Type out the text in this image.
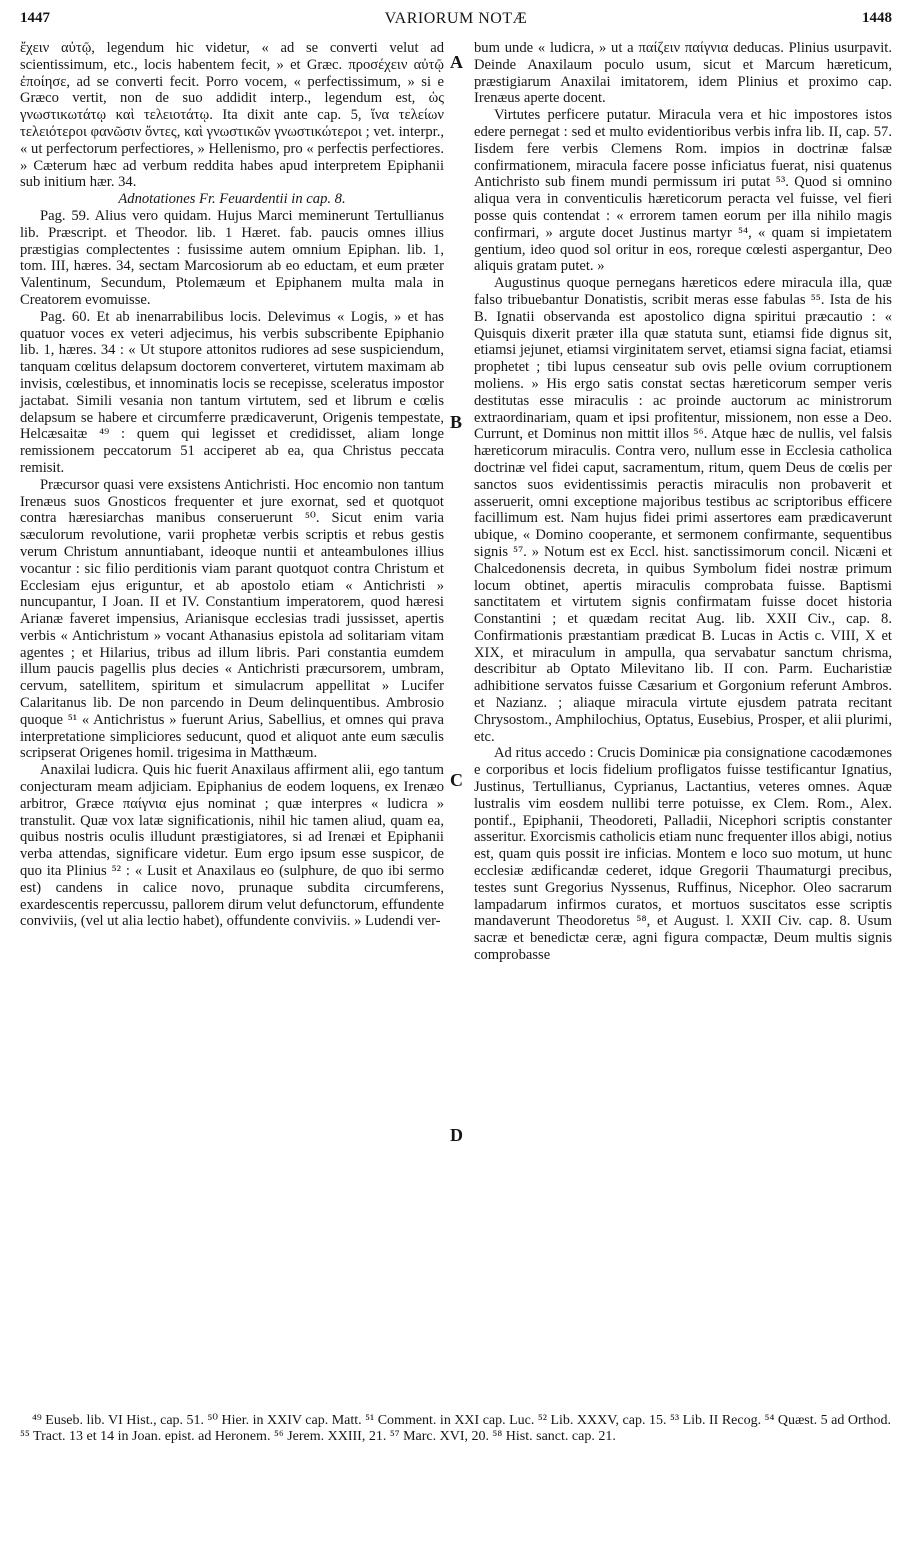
1447	VARIORUM NOTÆ	1448

ἔχειν αὐτῷ, legendum hic videtur, « ad se converti velut ad scientissimum, etc., locis habentem fecit, » et Græc. προσέχειν αὐτῷ ἐποίησε, ad se converti fecit. Porro vocem, « perfectissimum, » si e Græco vertit, non de suo addidit interp., legendum est, ὡς γνωστικωτάτῳ καὶ τελειοτάτῳ. Ita dixit ante cap. 5, ἵνα τελείων τελειότεροι φανῶσιν ὄντες, καὶ γνωστικῶν γνωστικώτεροι ; vet. interpr., « ut perfectorum perfectiores, » Hellenismo, pro « perfectis perfectiores. » Cæterum hæc ad verbum reddita habes apud interpretem Epiphanii sub initium hær. 34.

Adnotationes Fr. Feuardentii in cap. 8.

Pag. 59. Alius vero quidam. Hujus Marci meminerunt Tertullianus lib. Præscript. et Theodor. lib. 1 Hæret. fab. paucis omnes illius præstigias complectentes : fusissime autem omnium Epiphan. lib. 1, tom. III, hæres. 34, sectam Marcosiorum ab eo eductam, et eum præter Valentinum, Secundum, Ptolemæum et Epiphanem multa mala in Creatorem evomuisse.

Pag. 60. Et ab inenarrabilibus locis. Delevimus « Logis, » et has quatuor voces ex veteri adjecimus, his verbis subscribente Epiphanio lib. 1, hæres. 34 : « Ut stupore attonitos rudiores ad sese suspiciendum, tanquam cœlitus delapsum doctorem converteret, virtutem maximam ab invisis, cœlestibus, et innominatis locis se recepisse, sceleratus impostor jactabat. Simili vesania non tantum virtutem, sed et librum e cœlis delapsum se habere et circumferre prædicaverunt, Origenis tempestate, Helcæsaitæ ⁴⁹ : quem qui legisset et credidisset, aliam longe remissionem peccatorum 51 acciperet ab ea, qua Christus peccata remisit.

Præcursor quasi vere exsistens Antichristi. Hoc encomio non tantum Irenæus suos Gnosticos frequenter et jure exornat, sed et quotquot contra hæresiarchas manibus conseruerunt ⁵⁰. Sicut enim varia sæculorum revolutione, varii prophetæ verbis scriptis et rebus gestis verum Christum annuntiabant, ideoque nuntii et anteambulones illius vocantur : sic filio perditionis viam parant quotquot contra Christum et Ecclesiam ejus eriguntur, et ab apostolo etiam « Antichristi » nuncupantur, I Joan. II et IV. Constantium imperatorem, quod hæresi Arianæ faveret impensius, Arianisque ecclesias tradi jussisset, apertis verbis « Antichristum » vocant Athanasius epistola ad solitariam vitam agentes ; et Hilarius, tribus ad illum libris. Pari constantia eumdem illum paucis pagellis plus decies « Antichristi præcursorem, umbram, cervum, satellitem, spiritum et simulacrum appellitat » Lucifer Calaritanus lib. De non parcendo in Deum delinquentibus. Ambrosio quoque ⁵¹ « Antichristus » fuerunt Arius, Sabellius, et omnes qui prava interpretatione simpliciores seducunt, quod et aliquot ante eum sæculis scripserat Origenes homil. trigesima in Matthæum.

Anaxilai ludicra. Quis hic fuerit Anaxilaus affirment alii, ego tantum conjecturam meam adjiciam. Epiphanius de eodem loquens, ex Irenæo arbitror, Græce παίγνια ejus nominat ; quæ interpres « ludicra » transtulit. Quæ vox latæ significationis, nihil hic tamen aliud, quam ea, quibus nostris oculis illudunt præstigiatores, si ad Irenæi et Epiphanii verba attendas, significare videtur. Eum ergo ipsum esse suspicor, de quo ita Plinius ⁵² : « Lusit et Anaxilaus eo (sulphure, de quo ibi sermo est) candens in calice novo, prunaque subdita circumferens, exardescentis repercussu, pallorem dirum velut defunctorum, effundente conviviis, (vel ut alia lectio habet), offundente conviviis. » Ludendi ver-

A
B
C
D

bum unde « ludicra, » ut a παίζειν παίγνια deducas. Plinius usurpavit. Deinde Anaxilaum poculo usum, sicut et Marcum hæreticum, præstigiarum Anaxilai imitatorem, idem Plinius et proximo cap. Irenæus aperte docent.

Virtutes perficere putatur. Miracula vera et hic impostores istos edere pernegat : sed et multo evidentioribus verbis infra lib. II, cap. 57. Iisdem fere verbis Clemens Rom. impios in doctrinæ falsæ confirmationem, miracula facere posse inficiatus fuerat, nisi quatenus Antichristo sub finem mundi permissum iri putat ⁵³. Quod si omnino aliqua vera in conventiculis hæreticorum peracta vel fuisse, vel fieri posse quis contendat : « errorem tamen eorum per illa nihilo magis confirmari, » argute docet Justinus martyr ⁵⁴, « quam si impietatem gentium, ideo quod sol oritur in eos, roreque cœlesti aspergantur, Deo aliquis gratam putet. »

Augustinus quoque pernegans hæreticos edere miracula illa, quæ falso tribuebantur Donatistis, scribit meras esse fabulas ⁵⁵. Ista de his B. Ignatii observanda est apostolico digna spiritui præcautio : « Quisquis dixerit præter illa quæ statuta sunt, etiamsi fide dignus sit, etiamsi jejunet, etiamsi virginitatem servet, etiamsi signa faciat, etiamsi prophetet ; tibi lupus censeatur sub ovis pelle ovium corruptionem moliens. » His ergo satis constat sectas hæreticorum semper veris destitutas esse miraculis : ac proinde auctorum ac ministrorum extraordinariam, quam et ipsi profitentur, missionem, non esse a Deo. Currunt, et Dominus non mittit illos ⁵⁶. Atque hæc de nullis, vel falsis hæreticorum miraculis. Contra vero, nullum esse in Ecclesia catholica doctrinæ vel fidei caput, sacramentum, ritum, quem Deus de cœlis per sanctos suos evidentissimis peractis miraculis non probaverit et asseruerit, omni exceptione majoribus testibus ac scriptoribus efficere facillimum est. Nam hujus fidei primi assertores eam prædicaverunt ubique, « Domino cooperante, et sermonem confirmante, sequentibus signis ⁵⁷. » Notum est ex Eccl. hist. sanctissimorum concil. Nicæni et Chalcedonensis decreta, in quibus Symbolum fidei nostræ primum locum obtinet, apertis miraculis comprobata fuisse. Baptismi sanctitatem et virtutem signis confirmatam fuisse docet historia Constantini ; et quædam recitat Aug. lib. XXII Civ., cap. 8. Confirmationis præstantiam prædicat B. Lucas in Actis c. VIII, X et XIX, et miraculum in ampulla, qua servabatur sanctum chrisma, describitur ab Optato Milevitano lib. II con. Parm. Eucharistiæ adhibitione servatos fuisse Cæsarium et Gorgonium referunt Ambros. et Nazianz. ; aliaque miracula virtute ejusdem patrata recitant Chrysostom., Amphilochius, Optatus, Eusebius, Prosper, et alii plurimi, etc.

Ad ritus accedo : Crucis Dominicæ pia consignatione cacodæmones e corporibus et locis fidelium profligatos fuisse testificantur Ignatius, Justinus, Tertullianus, Cyprianus, Lactantius, veteres omnes. Aquæ lustralis vim eosdem nullibi terre potuisse, ex Clem. Rom., Alex. pontif., Epiphanii, Theodoreti, Palladii, Nicephori scriptis constanter asseritur. Exorcismis catholicis etiam nunc frequenter illos abigi, notius est, quam quis possit ire inficias. Montem e loco suo motum, ut hunc ecclesiæ ædificandæ cederet, idque Gregorii Thaumaturgi precibus, testes sunt Gregorius Nyssenus, Ruffinus, Nicephor. Oleo sacrarum lampadarum infirmos curatos, et mortuos suscitatos esse scriptis mandaverunt Theodoretus ⁵⁸, et August. l. XXII Civ. cap. 8. Usum sacræ et benedictæ ceræ, agni figura compactæ, Deum multis signis comprobasse

⁴⁹ Euseb. lib. VI Hist., cap. 51. ⁵⁰ Hier. in XXIV cap. Matt. ⁵¹ Comment. in XXI cap. Luc. ⁵² Lib. XXXV, cap. 15. ⁵³ Lib. II Recog. ⁵⁴ Quæst. 5 ad Orthod. ⁵⁵ Tract. 13 et 14 in Joan. epist. ad Heronem. ⁵⁶ Jerem. XXIII, 21. ⁵⁷ Marc. XVI, 20. ⁵⁸ Hist. sanct. cap. 21.
